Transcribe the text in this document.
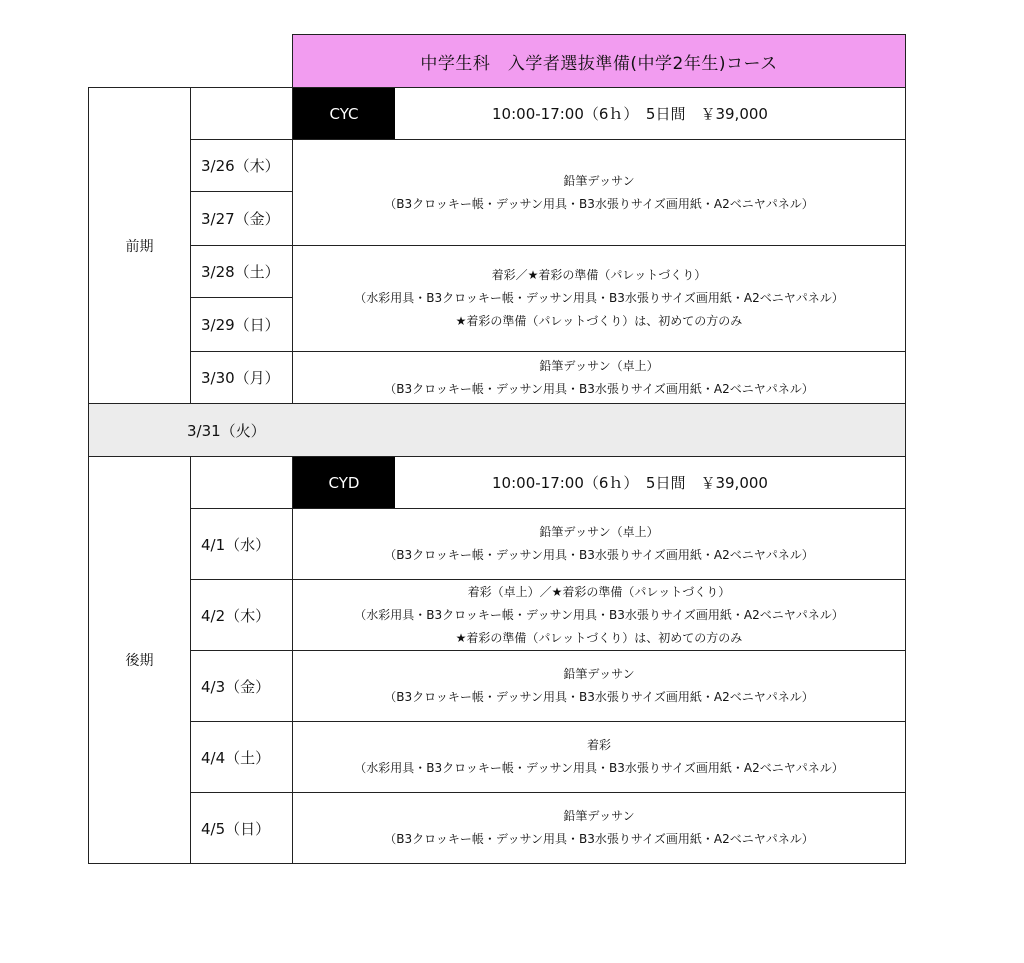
中学生科　入学者選抜準備(中学2年生)コース
前期
CYC	10:00-17:00（6ｈ）　5日間　￥39,000
3/26（木）
3/27（金）
3/28（土）
3/29（日）
3/30（月）
鉛筆デッサン
（B3クロッキー帳・デッサン用具・B3水張りサイズ画用紙・A2ベニヤパネル）
着彩／★着彩の準備（パレットづくり）
（水彩用具・B3クロッキー帳・デッサン用具・B3水張りサイズ画用紙・A2ベニヤパネル）
★着彩の準備（パレットづくり）は、初めての方のみ
鉛筆デッサン（卓上）
（B3クロッキー帳・デッサン用具・B3水張りサイズ画用紙・A2ベニヤパネル）
3/31（火）
後期
CYD	10:00-17:00（6ｈ）　5日間　￥39,000
4/1（水）
4/2（木）
4/3（金）
4/4（土）
4/5（日）
鉛筆デッサン（卓上）
（B3クロッキー帳・デッサン用具・B3水張りサイズ画用紙・A2ベニヤパネル）
着彩（卓上）／★着彩の準備（パレットづくり）
（水彩用具・B3クロッキー帳・デッサン用具・B3水張りサイズ画用紙・A2ベニヤパネル）
★着彩の準備（パレットづくり）は、初めての方のみ
鉛筆デッサン
（B3クロッキー帳・デッサン用具・B3水張りサイズ画用紙・A2ベニヤパネル）
着彩
（水彩用具・B3クロッキー帳・デッサン用具・B3水張りサイズ画用紙・A2ベニヤパネル）
鉛筆デッサン
（B3クロッキー帳・デッサン用具・B3水張りサイズ画用紙・A2ベニヤパネル）
